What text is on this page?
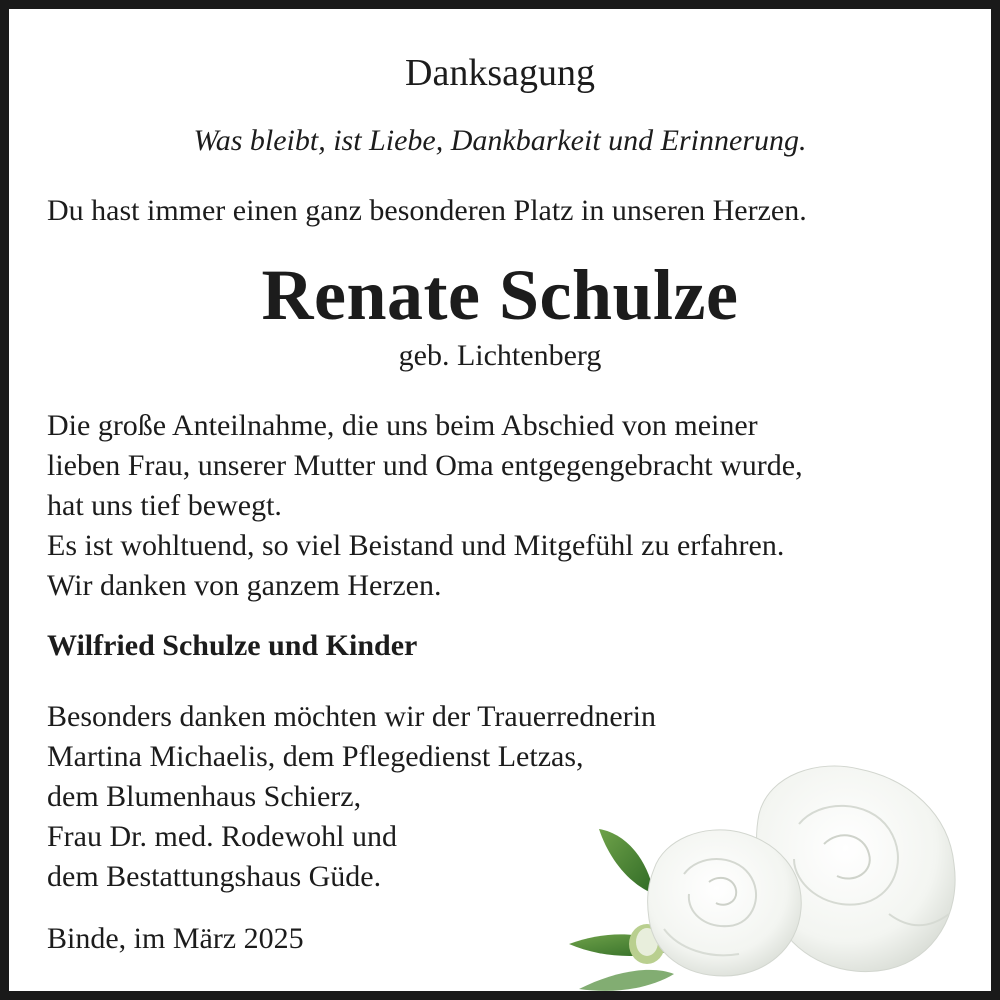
Danksagung
Was bleibt, ist Liebe, Dankbarkeit und Erinnerung.
Du hast immer einen ganz besonderen Platz in unseren Herzen.
Renate Schulze
geb. Lichtenberg
Die große Anteilnahme, die uns beim Abschied von meiner
lieben Frau, unserer Mutter und Oma entgegengebracht wurde,
hat uns tief bewegt.
Es ist wohltuend, so viel Beistand und Mitgefühl zu erfahren.
Wir danken von ganzem Herzen.
Wilfried Schulze und Kinder
Besonders danken möchten wir der Trauerrednerin
Martina Michaelis, dem Pflegedienst Letzas,
dem Blumenhaus Schierz,
Frau Dr. med. Rodewohl und
dem Bestattungshaus Güde.
Binde, im März 2025
